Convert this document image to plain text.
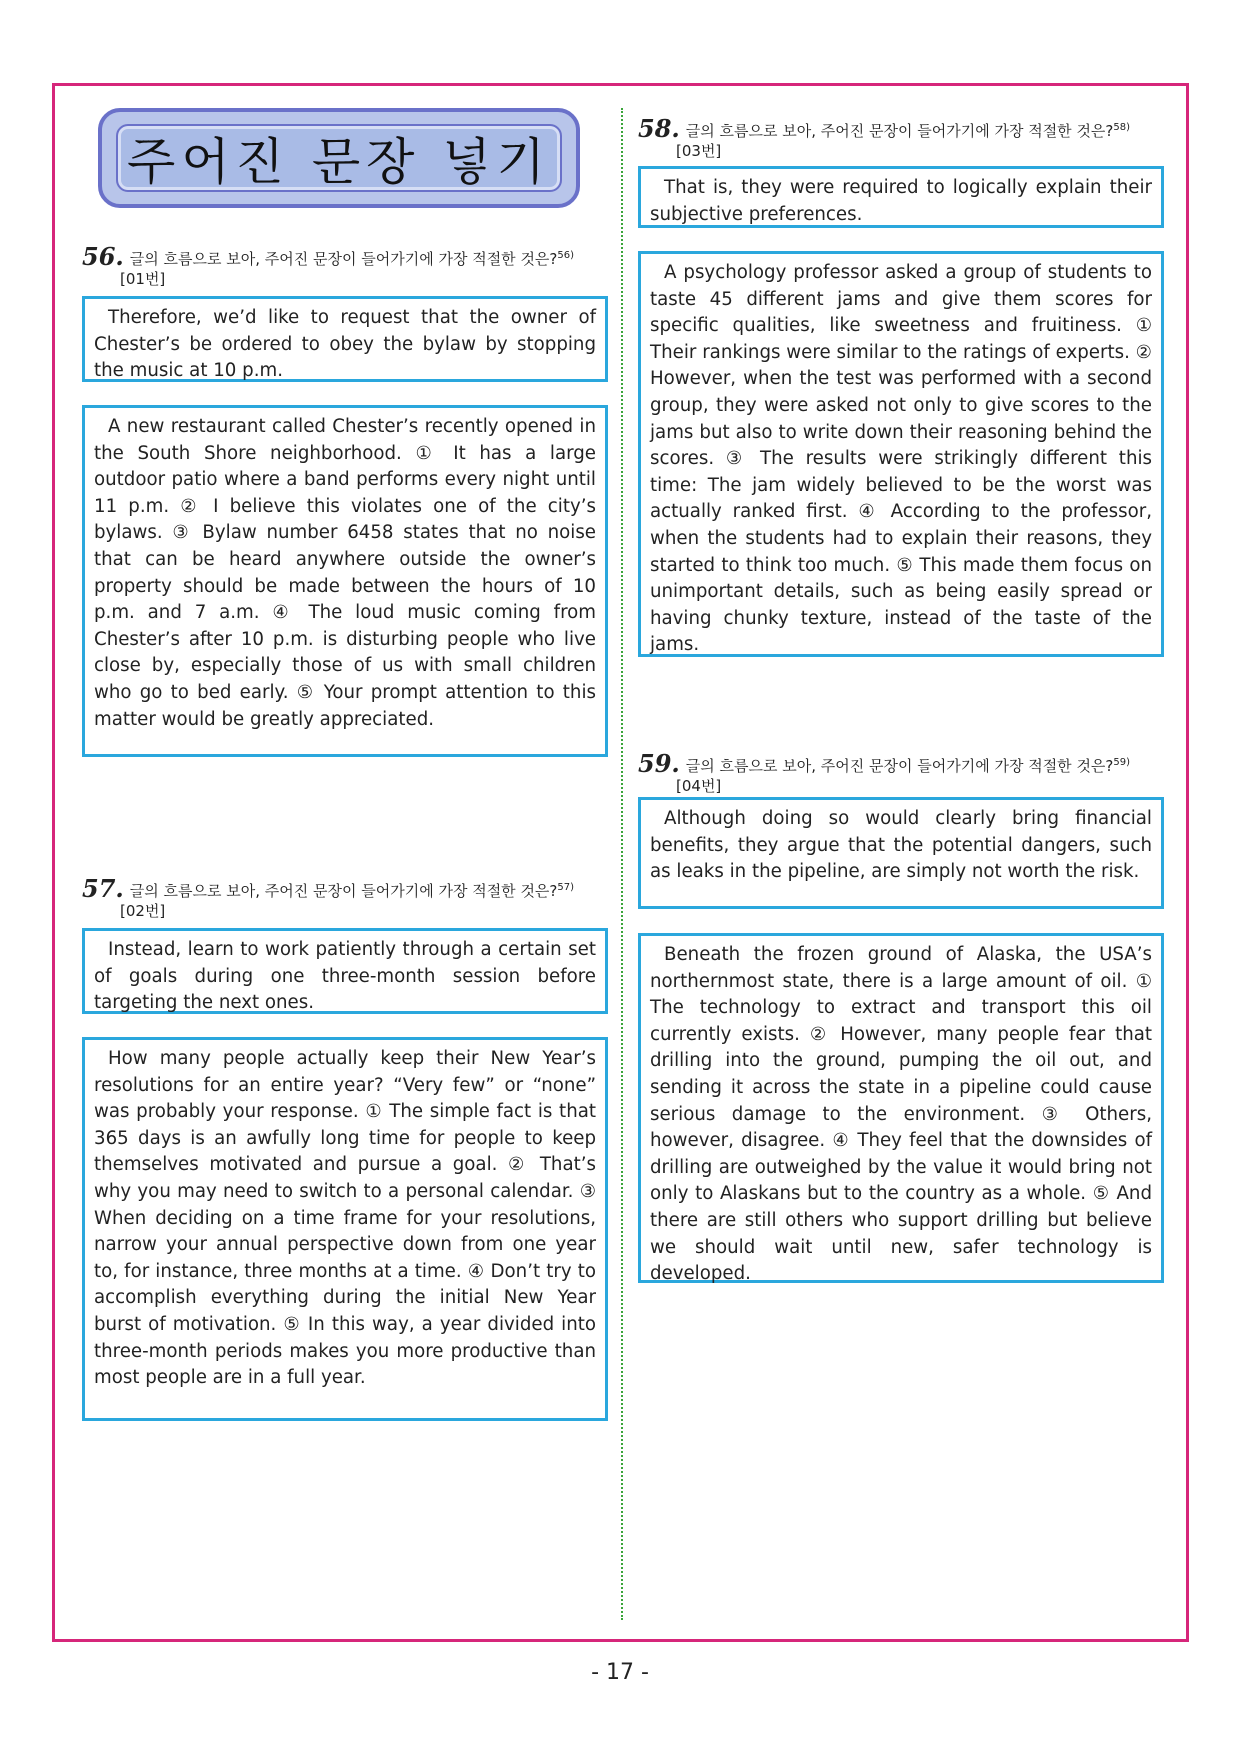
주어진 문장 넣기
56. 글의 흐름으로 보아, 주어진 문장이 들어가기에 가장 적절한 것은?$^{56)}$
[01번]

Therefore, we’d like to request that the owner of Chester’s be ordered to obey the bylaw by stopping the music at 10 p.m.

A new restaurant called Chester’s recently opened in the South Shore neighborhood. ① It has a large outdoor patio where a band performs every night until 11 p.m. ② I believe this violates one of the city’s bylaws. ③ Bylaw number 6458 states that no noise that can be heard anywhere outside the owner’s property should be made between the hours of 10 p.m. and 7 a.m. ④ The loud music coming from Chester’s after 10 p.m. is disturbing people who live close by, especially those of us with small children who go to bed early. ⑤ Your prompt attention to this matter would be greatly appreciated.

57. 글의 흐름으로 보아, 주어진 문장이 들어가기에 가장 적절한 것은?$^{57)}$
[02번]

Instead, learn to work patiently through a certain set of goals during one three-month session before targeting the next ones.

How many people actually keep their New Year’s resolutions for an entire year? “Very few” or “none” was probably your response. ① The simple fact is that 365 days is an awfully long time for people to keep themselves motivated and pursue a goal. ② That’s why you may need to switch to a personal calendar. ③ When deciding on a time frame for your resolutions, narrow your annual perspective down from one year to, for instance, three months at a time. ④ Don’t try to accomplish everything during the initial New Year burst of motivation. ⑤ In this way, a year divided into three-month periods makes you more productive than most people are in a full year.

58. 글의 흐름으로 보아, 주어진 문장이 들어가기에 가장 적절한 것은?$^{58)}$
[03번]

That is, they were required to logically explain their subjective preferences.

A psychology professor asked a group of students to taste 45 different jams and give them scores for specific qualities, like sweetness and fruitiness. ① Their rankings were similar to the ratings of experts. ② However, when the test was performed with a second group, they were asked not only to give scores to the jams but also to write down their reasoning behind the scores. ③ The results were strikingly different this time: The jam widely believed to be the worst was actually ranked first. ④ According to the professor, when the students had to explain their reasons, they started to think too much. ⑤ This made them focus on unimportant details, such as being easily spread or having chunky texture, instead of the taste of the jams.

59. 글의 흐름으로 보아, 주어진 문장이 들어가기에 가장 적절한 것은?$^{59)}$
[04번]

Although doing so would clearly bring financial benefits, they argue that the potential dangers, such as leaks in the pipeline, are simply not worth the risk.

Beneath the frozen ground of Alaska, the USA’s northernmost state, there is a large amount of oil. ① The technology to extract and transport this oil currently exists. ② However, many people fear that drilling into the ground, pumping the oil out, and sending it across the state in a pipeline could cause serious damage to the environment. ③ Others, however, disagree. ④ They feel that the downsides of drilling are outweighed by the value it would bring not only to Alaskans but to the country as a whole. ⑤ And there are still others who support drilling but believe we should wait until new, safer technology is developed.

- 17 -
